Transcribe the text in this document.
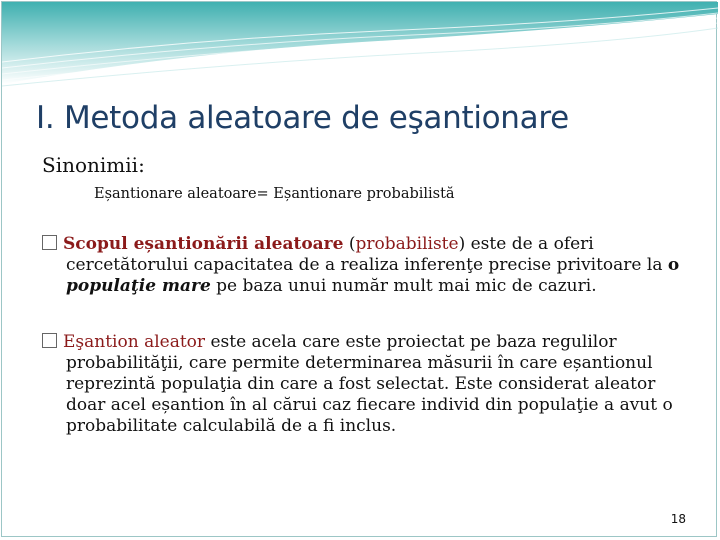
I. Metoda aleatoare de eşantionare
Sinonimii:
Eșantionare aleatoare= Eșantionare probabilistă
Scopul eșantionării aleatoare (probabiliste) este de a oferi
cercetătorului capacitatea de a realiza inferenţe precise privitoare la o populaţie mare pe baza unui număr mult mai mic de cazuri.
Eşantion aleator este acela care este proiectat pe baza regulilor probabilităţii, care permite determinarea măsurii în care eșantionul reprezintă populaţia din care a fost selectat. Este considerat aleator doar acel eșantion în al cărui caz fiecare individ din populaţie a avut o probabilitate calculabilă de a fi inclus.
18
